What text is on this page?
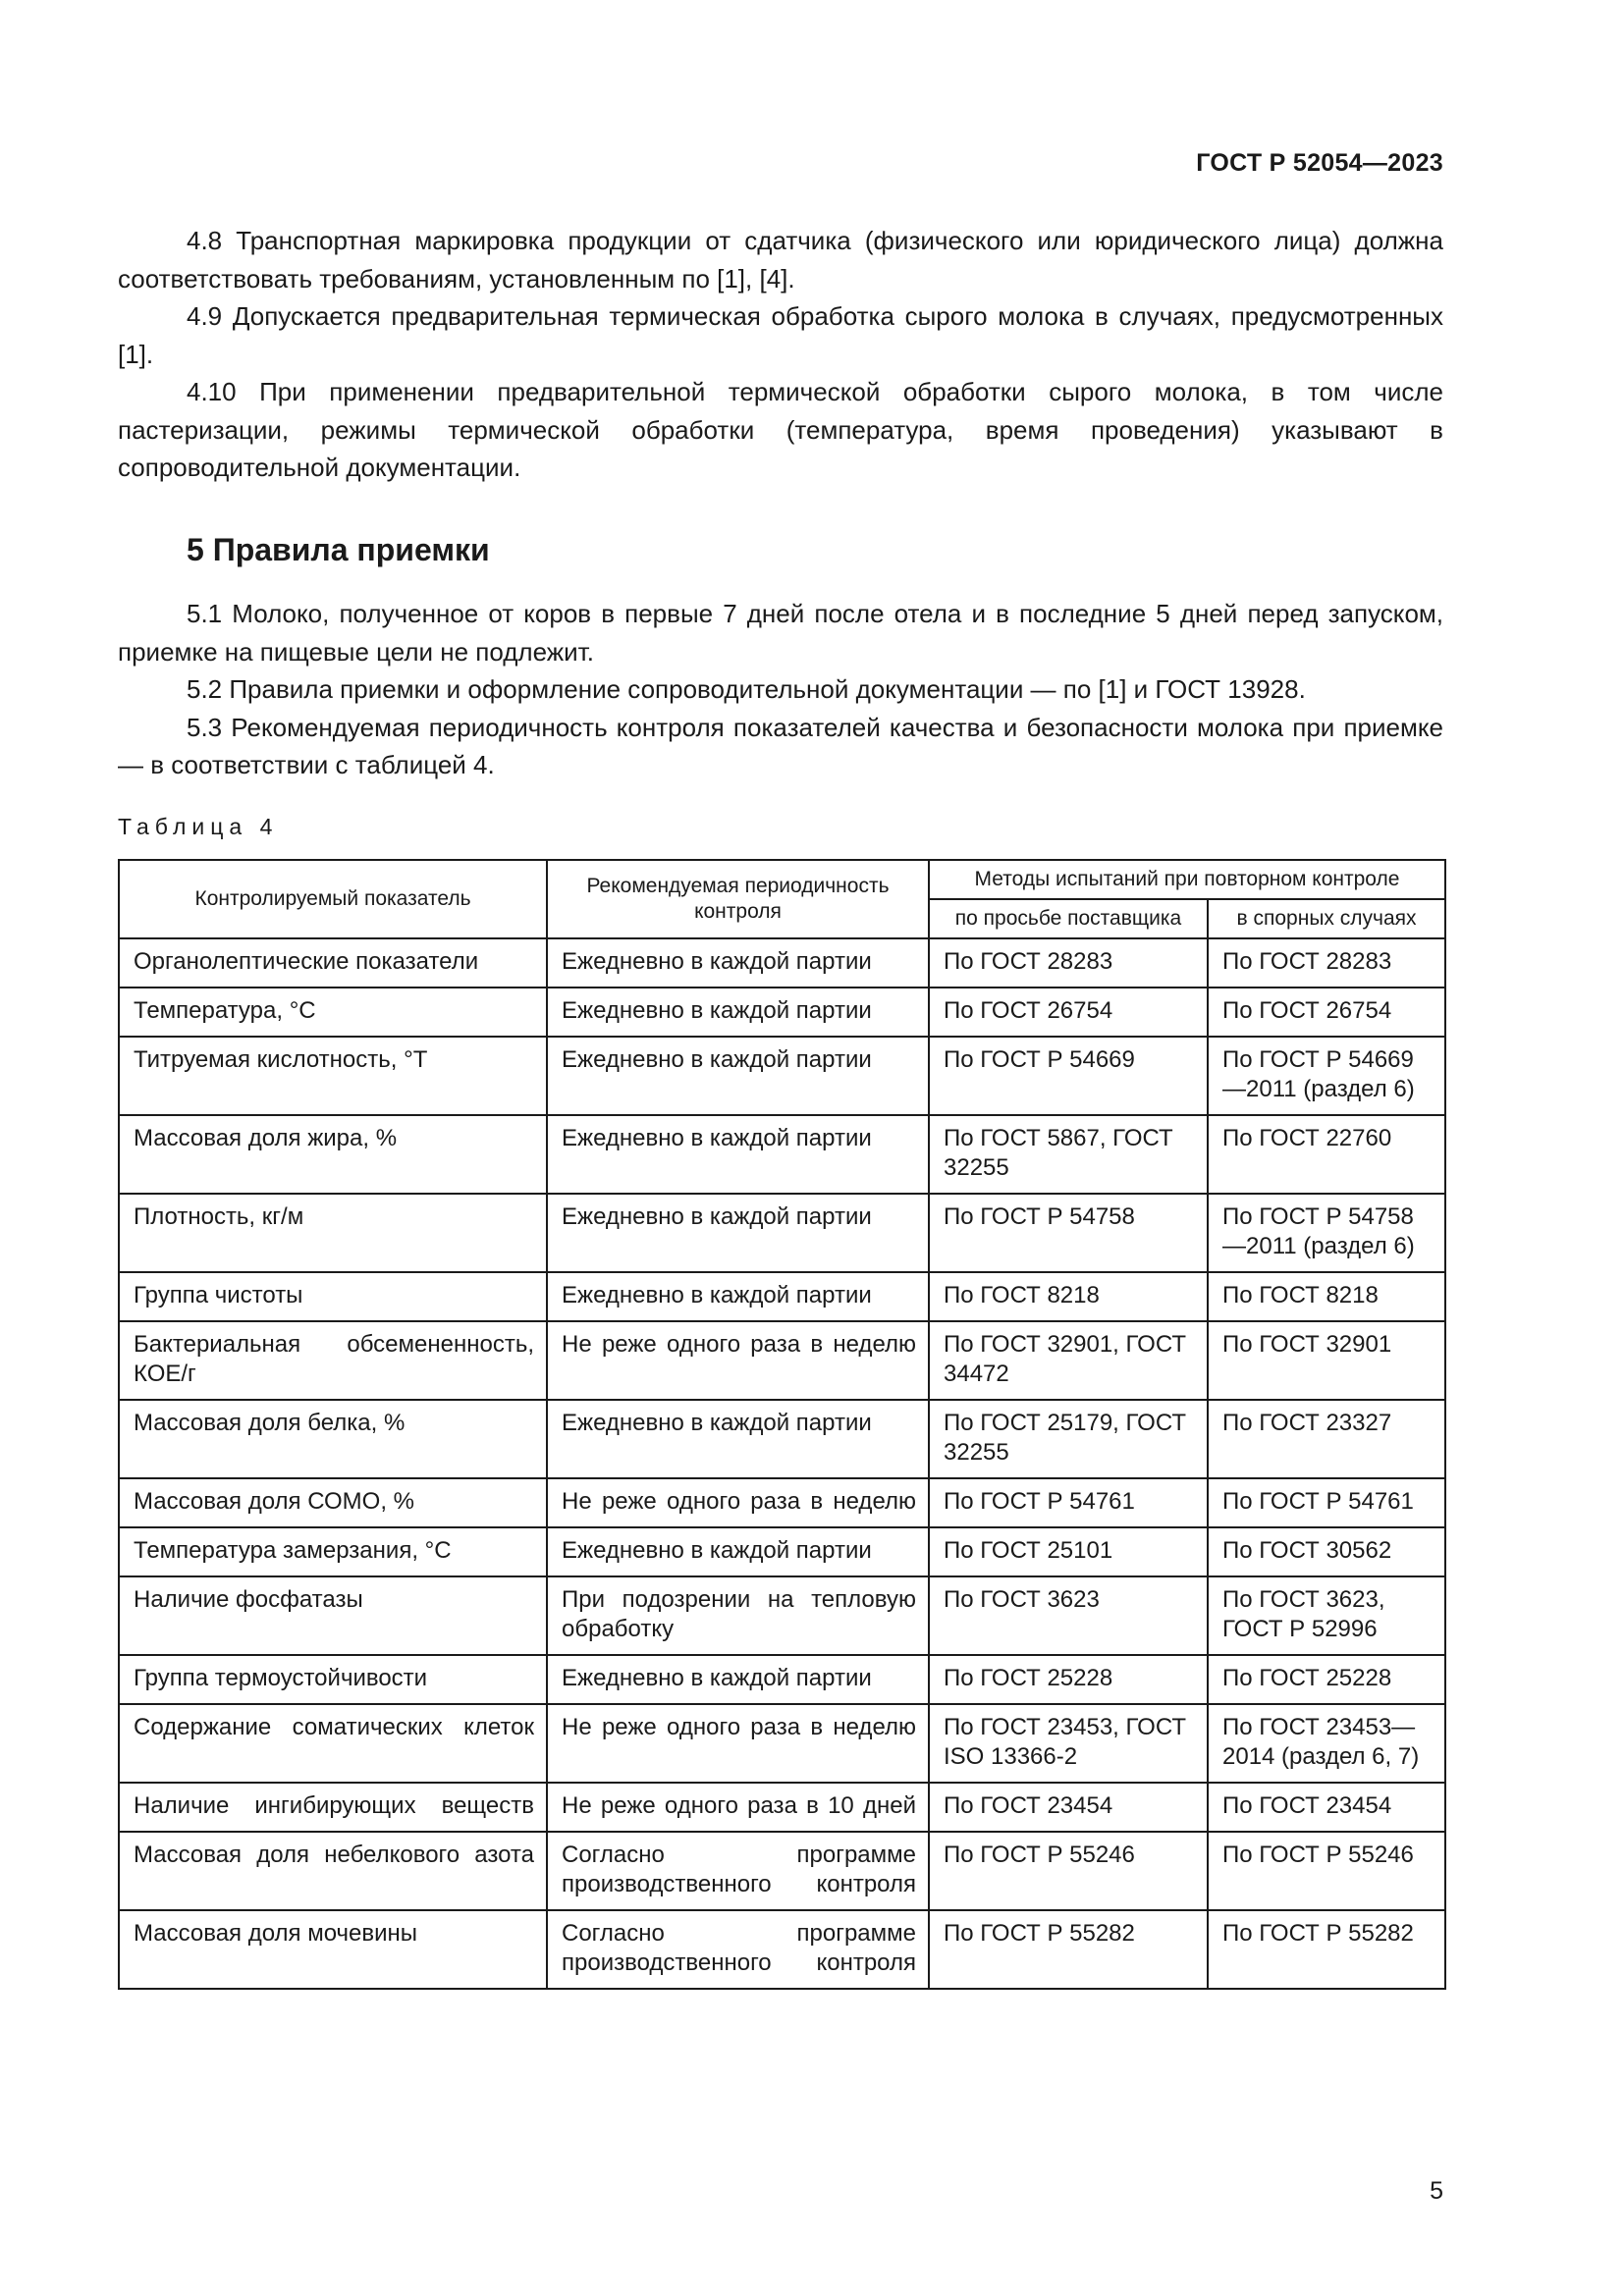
ГОСТ Р 52054—2023

4.8 Транспортная маркировка продукции от сдатчика (физического или юридического лица) должна соответствовать требованиям, установленным по [1], [4].

4.9 Допускается предварительная термическая обработка сырого молока в случаях, предусмотренных [1].

4.10 При применении предварительной термической обработки сырого молока, в том числе пастеризации, режимы термической обработки (температура, время проведения) указывают в сопроводительной документации.

5 Правила приемки

5.1 Молоко, полученное от коров в первые 7 дней после отела и в последние 5 дней перед запуском, приемке на пищевые цели не подлежит.

5.2 Правила приемки и оформление сопроводительной документации — по [1] и ГОСТ 13928.

5.3 Рекомендуемая периодичность контроля показателей качества и безопасности молока при приемке — в соответствии с таблицей 4.

Таблица 4
Контролируемый показатель	Рекомендуемая периодичность контроля	Методы испытаний при повторном контроле	
		по просьбе поставщика	в спорных случаях
Органолептические показатели	Ежедневно в каждой партии	По ГОСТ 28283	По ГОСТ 28283
Температура, °C	Ежедневно в каждой партии	По ГОСТ 26754	По ГОСТ 26754
Титруемая кислотность, °Т	Ежедневно в каждой партии	По ГОСТ Р 54669	По ГОСТ Р 54669—2011 (раздел 6)
Массовая доля жира, %	Ежедневно в каждой партии	По ГОСТ 5867, ГОСТ 32255	По ГОСТ 22760
Плотность, кг/м	Ежедневно в каждой партии	По ГОСТ Р 54758	По ГОСТ Р 54758—2011 (раздел 6)
Группа чистоты	Ежедневно в каждой партии	По ГОСТ 8218	По ГОСТ 8218
Бактериальная обсемененность, КОЕ/г	Не реже одного раза в неделю	По ГОСТ 32901, ГОСТ 34472	По ГОСТ 32901
Массовая доля белка, %	Ежедневно в каждой партии	По ГОСТ 25179, ГОСТ 32255	По ГОСТ 23327
Массовая доля СОМО, %	Не реже одного раза в неделю	По ГОСТ Р 54761	По ГОСТ Р 54761
Температура замерзания, °C	Ежедневно в каждой партии	По ГОСТ 25101	По ГОСТ 30562
Наличие фосфатазы	При подозрении на тепловую обработку	По ГОСТ 3623	По ГОСТ 3623, ГОСТ Р 52996
Группа термоустойчивости	Ежедневно в каждой партии	По ГОСТ 25228	По ГОСТ 25228
Содержание соматических клеток	Не реже одного раза в неделю	По ГОСТ 23453, ГОСТ ISO 13366-2	По ГОСТ 23453—2014 (раздел 6, 7)
Наличие ингибирующих веществ	Не реже одного раза в 10 дней	По ГОСТ 23454	По ГОСТ 23454
Массовая доля небелкового азота	Согласно программе производственного контроля	По ГОСТ Р 55246	По ГОСТ Р 55246
Массовая доля мочевины	Согласно программе производственного контроля	По ГОСТ Р 55282	По ГОСТ Р 55282
5
